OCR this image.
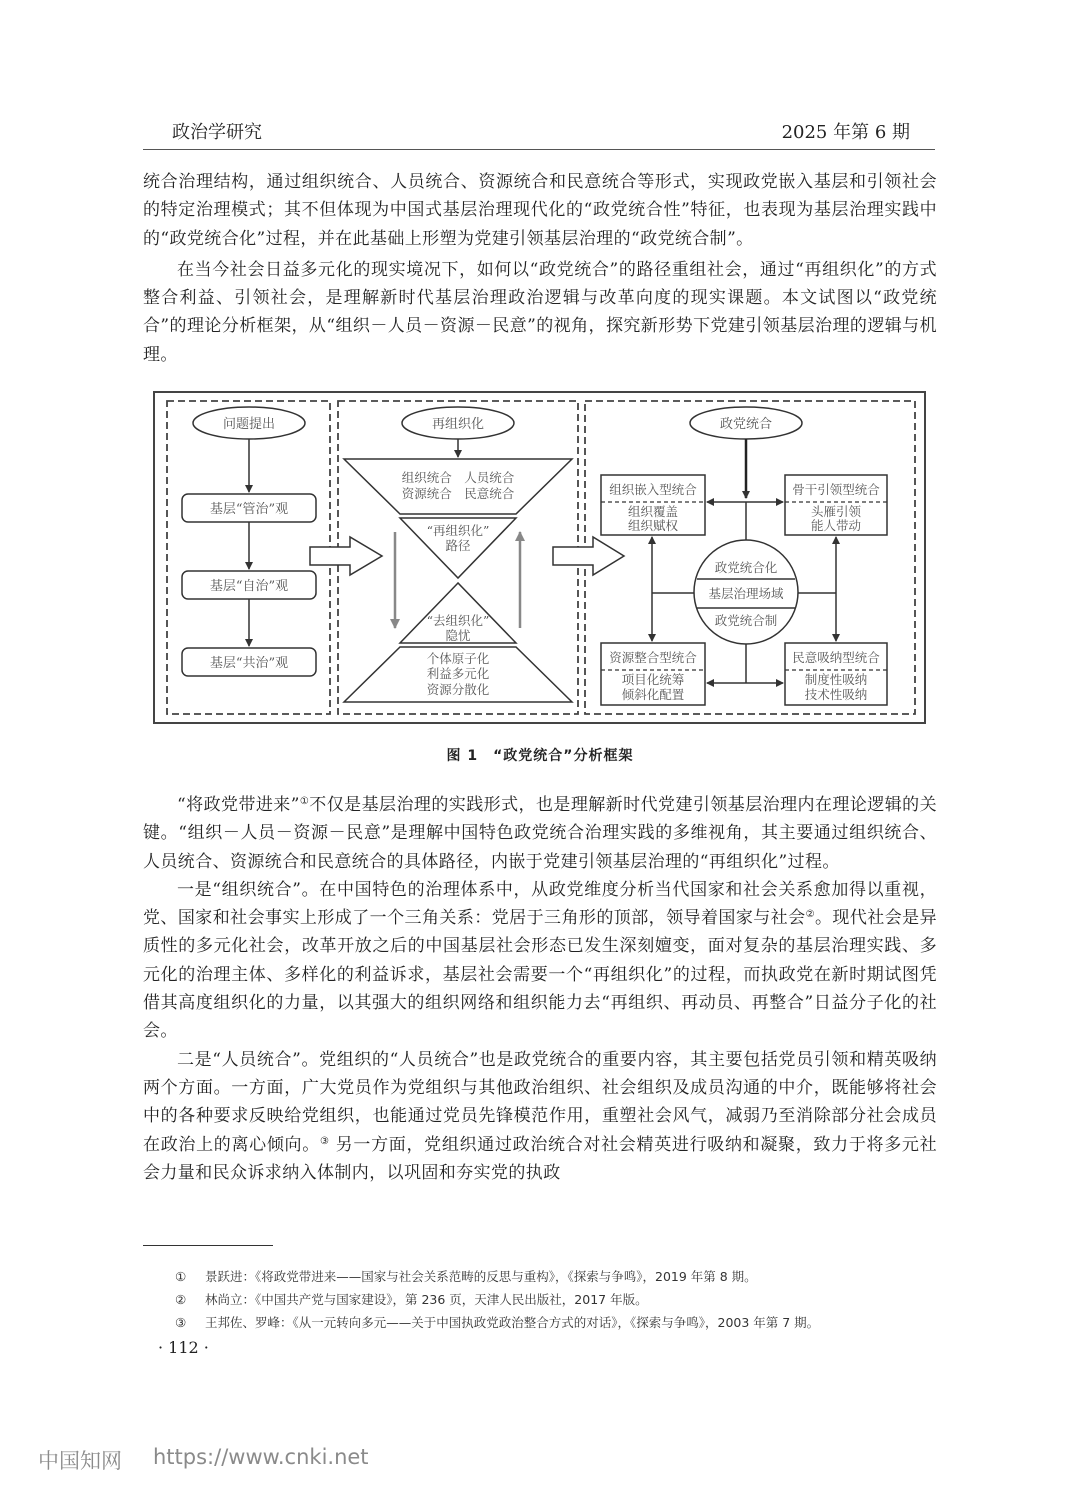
政治学研究	2025 年第 6 期

统合治理结构，通过组织统合、人员统合、资源统合和民意统合等形式，实现政党嵌入基层和引领社会的特定治理模式；其不但体现为中国式基层治理现代化的“政党统合性”特征，也表现为基层治理实践中的“政党统合化”过程，并在此基础上形塑为党建引领基层治理的“政党统合制”。

在当今社会日益多元化的现实境况下，如何以“政党统合”的路径重组社会，通过“再组织化”的方式整合利益、引领社会，是理解新时代基层治理政治逻辑与改革向度的现实课题。本文试图以“政党统合”的理论分析框架，从“组织－人员－资源－民意”的视角，探究新形势下党建引领基层治理的逻辑与机理。

问题提出
基层“管治”观
基层“自治”观
基层“共治”观
再组织化
组织统合　人员统合
资源统合　民意统合
“再组织化”
路径
“去组织化”
隐忧
个体原子化
利益多元化
资源分散化
政党统合
政党统合化
基层治理场域
政党统合制
组织嵌入型统合
组织覆盖
组织赋权
骨干引领型统合
头雁引领
能人带动
资源整合型统合
项目化统筹
倾斜化配置
民意吸纳型统合
制度性吸纳
技术性吸纳
图 1　“政党统合”分析框架

“将政党带进来”①不仅是基层治理的实践形式，也是理解新时代党建引领基层治理内在理论逻辑的关键。“组织－人员－资源－民意”是理解中国特色政党统合治理实践的多维视角，其主要通过组织统合、人员统合、资源统合和民意统合的具体路径，内嵌于党建引领基层治理的“再组织化”过程。

一是“组织统合”。在中国特色的治理体系中，从政党维度分析当代国家和社会关系愈加得以重视，党、国家和社会事实上形成了一个三角关系：党居于三角形的顶部，领导着国家与社会②。现代社会是异质性的多元化社会，改革开放之后的中国基层社会形态已发生深刻嬗变，面对复杂的基层治理实践、多元化的治理主体、多样化的利益诉求，基层社会需要一个“再组织化”的过程，而执政党在新时期试图凭借其高度组织化的力量，以其强大的组织网络和组织能力去“再组织、再动员、再整合”日益分子化的社会。

二是“人员统合”。党组织的“人员统合”也是政党统合的重要内容，其主要包括党员引领和精英吸纳两个方面。一方面，广大党员作为党组织与其他政治组织、社会组织及成员沟通的中介，既能够将社会中的各种要求反映给党组织，也能通过党员先锋模范作用，重塑社会风气，减弱乃至消除部分社会成员在政治上的离心倾向。③ 另一方面，党组织通过政治统合对社会精英进行吸纳和凝聚，致力于将多元社会力量和民众诉求纳入体制内，以巩固和夯实党的执政

① 景跃进：《将政党带进来——国家与社会关系范畴的反思与重构》，《探索与争鸣》，2019 年第 8 期。
② 林尚立：《中国共产党与国家建设》，第 236 页，天津人民出版社，2017 年版。
③ 王邦佐、罗峰：《从一元转向多元——关于中国执政党政治整合方式的对话》，《探索与争鸣》，2003 年第 7 期。
· 112 ·
中国知网 https://www.cnki.net
